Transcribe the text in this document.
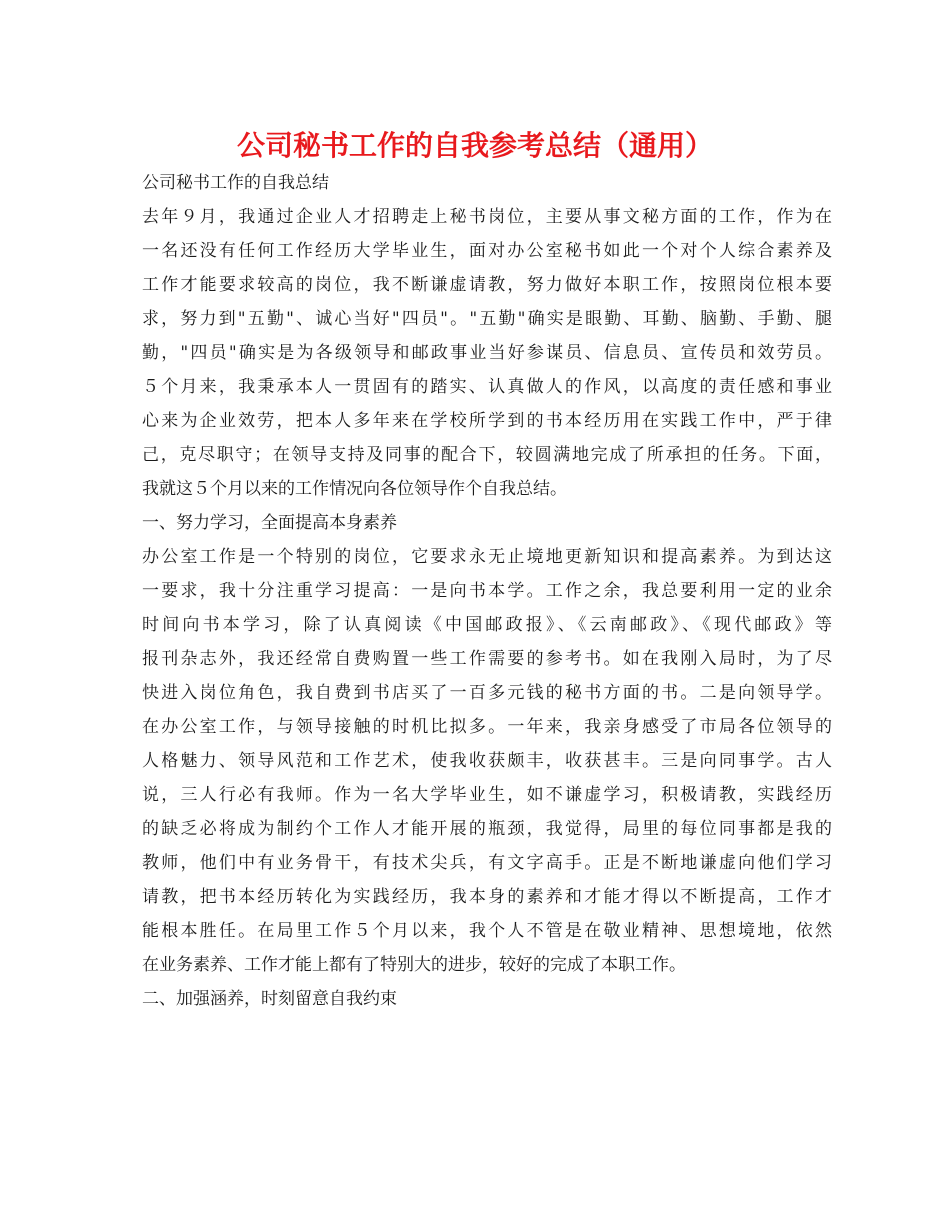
公司秘书工作的自我参考总结（通用）
公司秘书工作的自我总结
去年９月，我通过企业人才招聘走上秘书岗位，主要从事文秘方面的工作，作为在
一名还没有任何工作经历大学毕业生，面对办公室秘书如此一个对个人综合素养及
工作才能要求较高的岗位，我不断谦虚请教，努力做好本职工作，按照岗位根本要
求，努力到"五勤"、诚心当好"四员"。"五勤"确实是眼勤、耳勤、脑勤、手勤、腿
勤，"四员"确实是为各级领导和邮政事业当好参谋员、信息员、宣传员和效劳员。
５个月来，我秉承本人一贯固有的踏实、认真做人的作风，以高度的责任感和事业
心来为企业效劳，把本人多年来在学校所学到的书本经历用在实践工作中，严于律
己，克尽职守；在领导支持及同事的配合下，较圆满地完成了所承担的任务。下面，
我就这５个月以来的工作情况向各位领导作个自我总结。
一、努力学习，全面提高本身素养
办公室工作是一个特别的岗位，它要求永无止境地更新知识和提高素养。为到达这
一要求，我十分注重学习提高：一是向书本学。工作之余，我总要利用一定的业余
时间向书本学习，除了认真阅读《中国邮政报》、《云南邮政》、《现代邮政》等
报刊杂志外，我还经常自费购置一些工作需要的参考书。如在我刚入局时，为了尽
快进入岗位角色，我自费到书店买了一百多元钱的秘书方面的书。二是向领导学。
在办公室工作，与领导接触的时机比拟多。一年来，我亲身感受了市局各位领导的
人格魅力、领导风范和工作艺术，使我收获颇丰，收获甚丰。三是向同事学。古人
说，三人行必有我师。作为一名大学毕业生，如不谦虚学习，积极请教，实践经历
的缺乏必将成为制约个工作人才能开展的瓶颈，我觉得，局里的每位同事都是我的
教师，他们中有业务骨干，有技术尖兵，有文字高手。正是不断地谦虚向他们学习
请教，把书本经历转化为实践经历，我本身的素养和才能才得以不断提高，工作才
能根本胜任。在局里工作５个月以来，我个人不管是在敬业精神、思想境地，依然
在业务素养、工作才能上都有了特别大的进步，较好的完成了本职工作。
二、加强涵养，时刻留意自我约束
